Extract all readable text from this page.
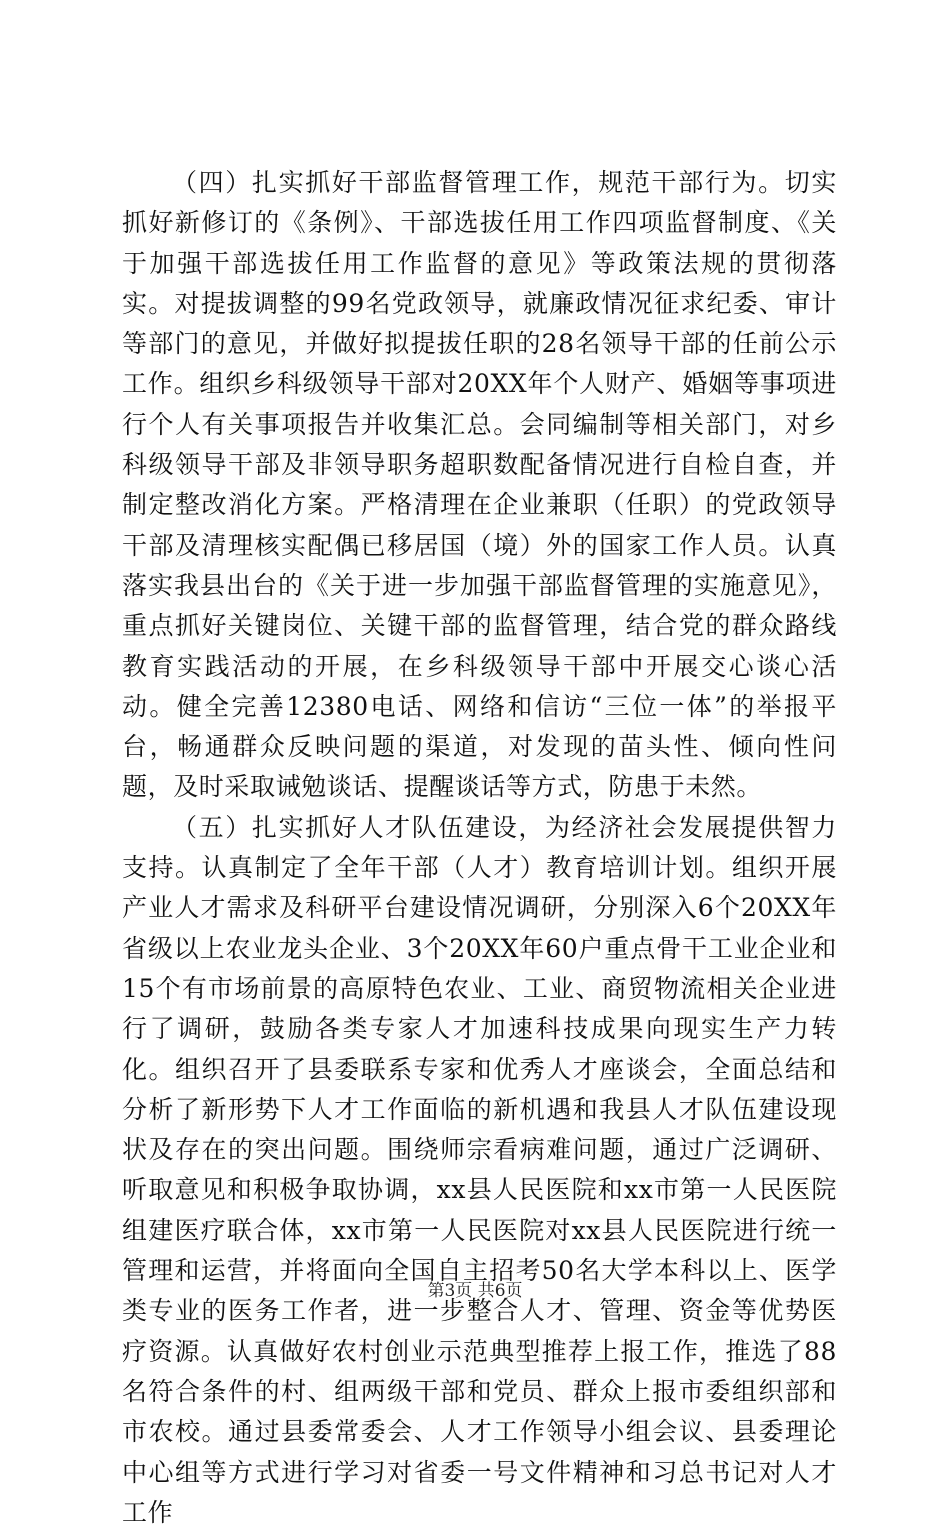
（四）扎实抓好干部监督管理工作，规范干部行为。切实抓好新修订的《条例》、干部选拔任用工作四项监督制度、《关于加强干部选拔任用工作监督的意见》等政策法规的贯彻落实。对提拔调整的99名党政领导，就廉政情况征求纪委、审计等部门的意见，并做好拟提拔任职的28名领导干部的任前公示工作。组织乡科级领导干部对20XX年个人财产、婚姻等事项进行个人有关事项报告并收集汇总。会同编制等相关部门，对乡科级领导干部及非领导职务超职数配备情况进行自检自查，并制定整改消化方案。严格清理在企业兼职（任职）的党政领导干部及清理核实配偶已移居国（境）外的国家工作人员。认真落实我县出台的《关于进一步加强干部监督管理的实施意见》，重点抓好关键岗位、关键干部的监督管理，结合党的群众路线教育实践活动的开展，在乡科级领导干部中开展交心谈心活动。健全完善12380电话、网络和信访“三位一体”的举报平台，畅通群众反映问题的渠道，对发现的苗头性、倾向性问题，及时采取诫勉谈话、提醒谈话等方式，防患于未然。

（五）扎实抓好人才队伍建设，为经济社会发展提供智力支持。认真制定了全年干部（人才）教育培训计划。组织开展产业人才需求及科研平台建设情况调研，分别深入6个20XX年省级以上农业龙头企业、3个20XX年60户重点骨干工业企业和15个有市场前景的高原特色农业、工业、商贸物流相关企业进行了调研，鼓励各类专家人才加速科技成果向现实生产力转化。组织召开了县委联系专家和优秀人才座谈会，全面总结和分析了新形势下人才工作面临的新机遇和我县人才队伍建设现状及存在的突出问题。围绕师宗看病难问题，通过广泛调研、听取意见和积极争取协调，xx县人民医院和xx市第一人民医院组建医疗联合体，xx市第一人民医院对xx县人民医院进行统一管理和运营，并将面向全国自主招考50名大学本科以上、医学类专业的医务工作者，进一步整合人才、管理、资金等优势医疗资源。认真做好农村创业示范典型推荐上报工作，推选了88名符合条件的村、组两级干部和党员、群众上报市委组织部和市农校。通过县委常委会、人才工作领导小组会议、县委理论中心组等方式进行学习对省委一号文件精神和习总书记对人才工作

第3页 共6页
